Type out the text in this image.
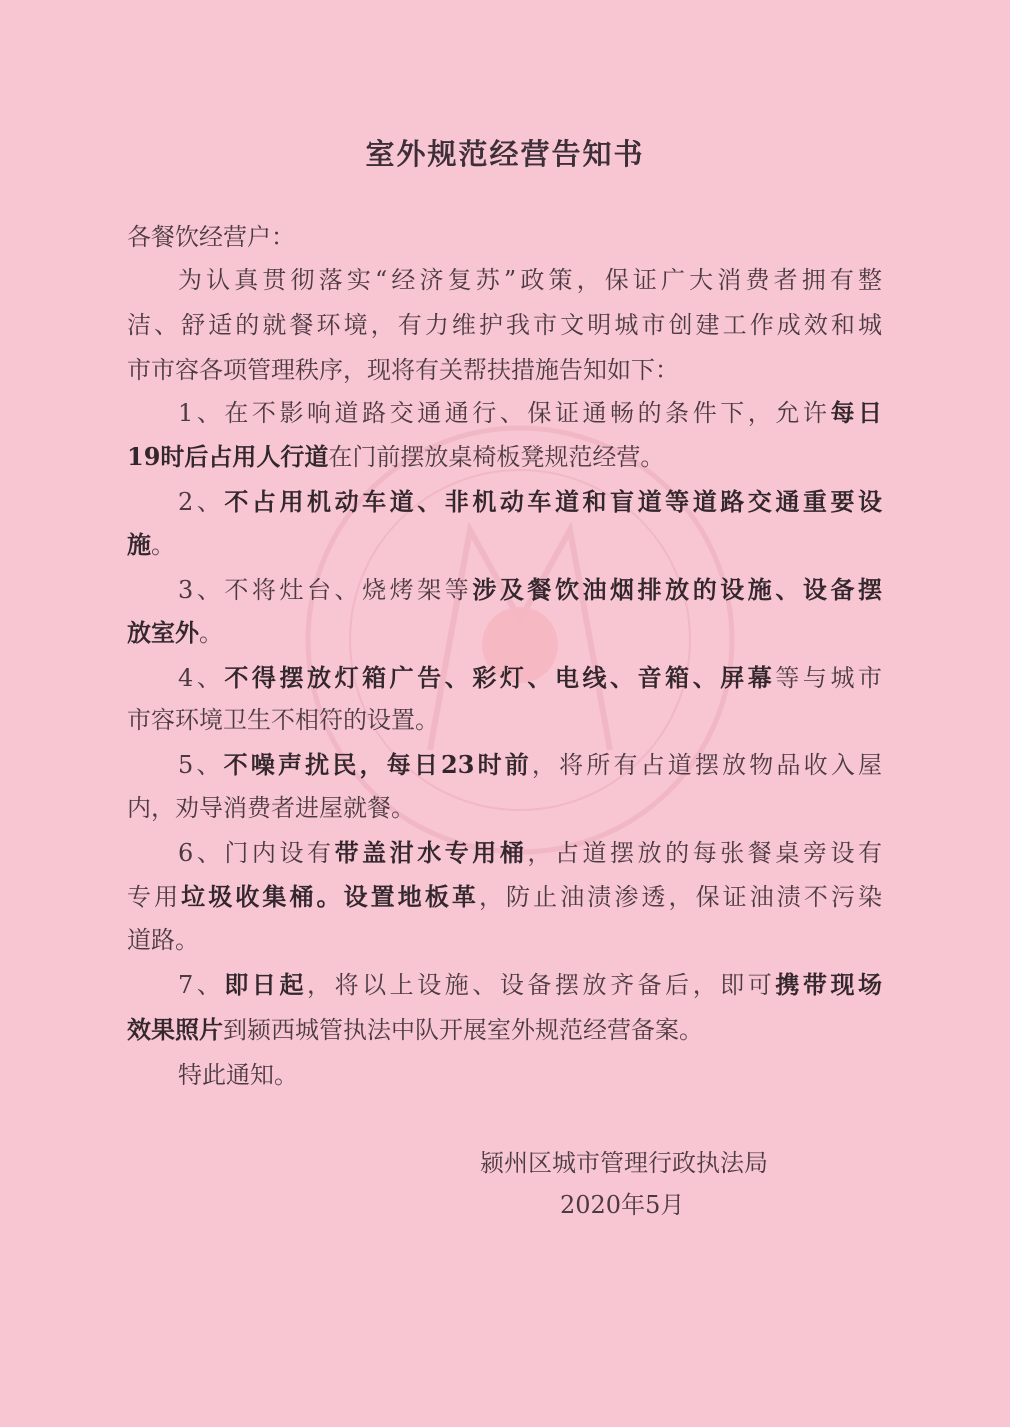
室外规范经营告知书
各餐饮经营户：
为认真贯彻落实“经济复苏”政策，保证广大消费者拥有整
洁、舒适的就餐环境，有力维护我市文明城市创建工作成效和城
市市容各项管理秩序，现将有关帮扶措施告知如下：
1、在不影响道路交通通行、保证通畅的条件下，允许每日
19时后占用人行道在门前摆放桌椅板凳规范经营。
2、不占用机动车道、非机动车道和盲道等道路交通重要设
施。
3、不将灶台、烧烤架等涉及餐饮油烟排放的设施、设备摆
放室外。
4、不得摆放灯箱广告、彩灯、电线、音箱、屏幕等与城市
市容环境卫生不相符的设置。
5、不噪声扰民，每日23时前，将所有占道摆放物品收入屋
内，劝导消费者进屋就餐。
6、门内设有带盖泔水专用桶，占道摆放的每张餐桌旁设有
专用垃圾收集桶。设置地板革，防止油渍渗透，保证油渍不污染
道路。
7、即日起，将以上设施、设备摆放齐备后，即可携带现场
效果照片到颍西城管执法中队开展室外规范经营备案。
特此通知。
颍州区城市管理行政执法局
2020年5月
